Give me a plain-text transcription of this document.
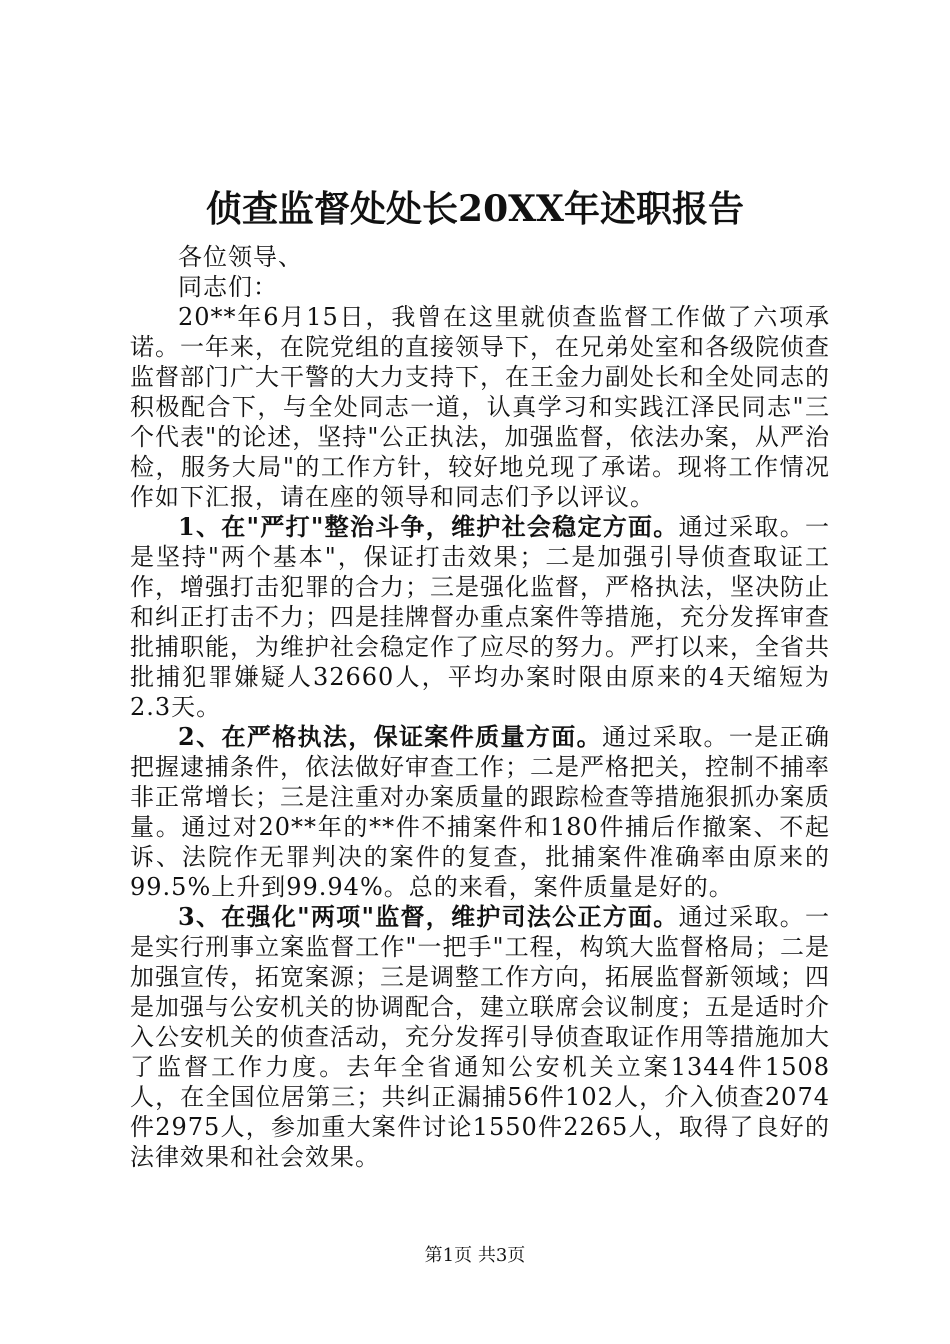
侦查监督处处长20XX年述职报告

各位领导、

同志们：

20**年6月15日，我曾在这里就侦查监督工作做了六项承诺。一年来，在院党组的直接领导下，在兄弟处室和各级院侦查监督部门广大干警的大力支持下，在王金力副处长和全处同志的积极配合下，与全处同志一道，认真学习和实践江泽民同志"三个代表"的论述，坚持"公正执法，加强监督，依法办案，从严治检，服务大局"的工作方针，较好地兑现了承诺。现将工作情况作如下汇报，请在座的领导和同志们予以评议。

1、在"严打"整治斗争，维护社会稳定方面。通过采取。一是坚持"两个基本"，保证打击效果；二是加强引导侦查取证工作，增强打击犯罪的合力；三是强化监督，严格执法，坚决防止和纠正打击不力；四是挂牌督办重点案件等措施，充分发挥审查批捕职能，为维护社会稳定作了应尽的努力。严打以来，全省共批捕犯罪嫌疑人32660人，平均办案时限由原来的4天缩短为2.3天。

2、在严格执法，保证案件质量方面。通过采取。一是正确把握逮捕条件，依法做好审查工作；二是严格把关，控制不捕率非正常增长；三是注重对办案质量的跟踪检查等措施狠抓办案质量。通过对20**年的**件不捕案件和180件捕后作撤案、不起诉、法院作无罪判决的案件的复查，批捕案件准确率由原来的99.5%上升到99.94%。总的来看，案件质量是好的。

3、在强化"两项"监督，维护司法公正方面。通过采取。一是实行刑事立案监督工作"一把手"工程，构筑大监督格局；二是加强宣传，拓宽案源；三是调整工作方向，拓展监督新领域；四是加强与公安机关的协调配合，建立联席会议制度；五是适时介入公安机关的侦查活动，充分发挥引导侦查取证作用等措施加大了监督工作力度。去年全省通知公安机关立案1344件1508人，在全国位居第三；共纠正漏捕56件102人，介入侦查2074件2975人，参加重大案件讨论1550件2265人，取得了良好的法律效果和社会效果。

第1页 共3页
